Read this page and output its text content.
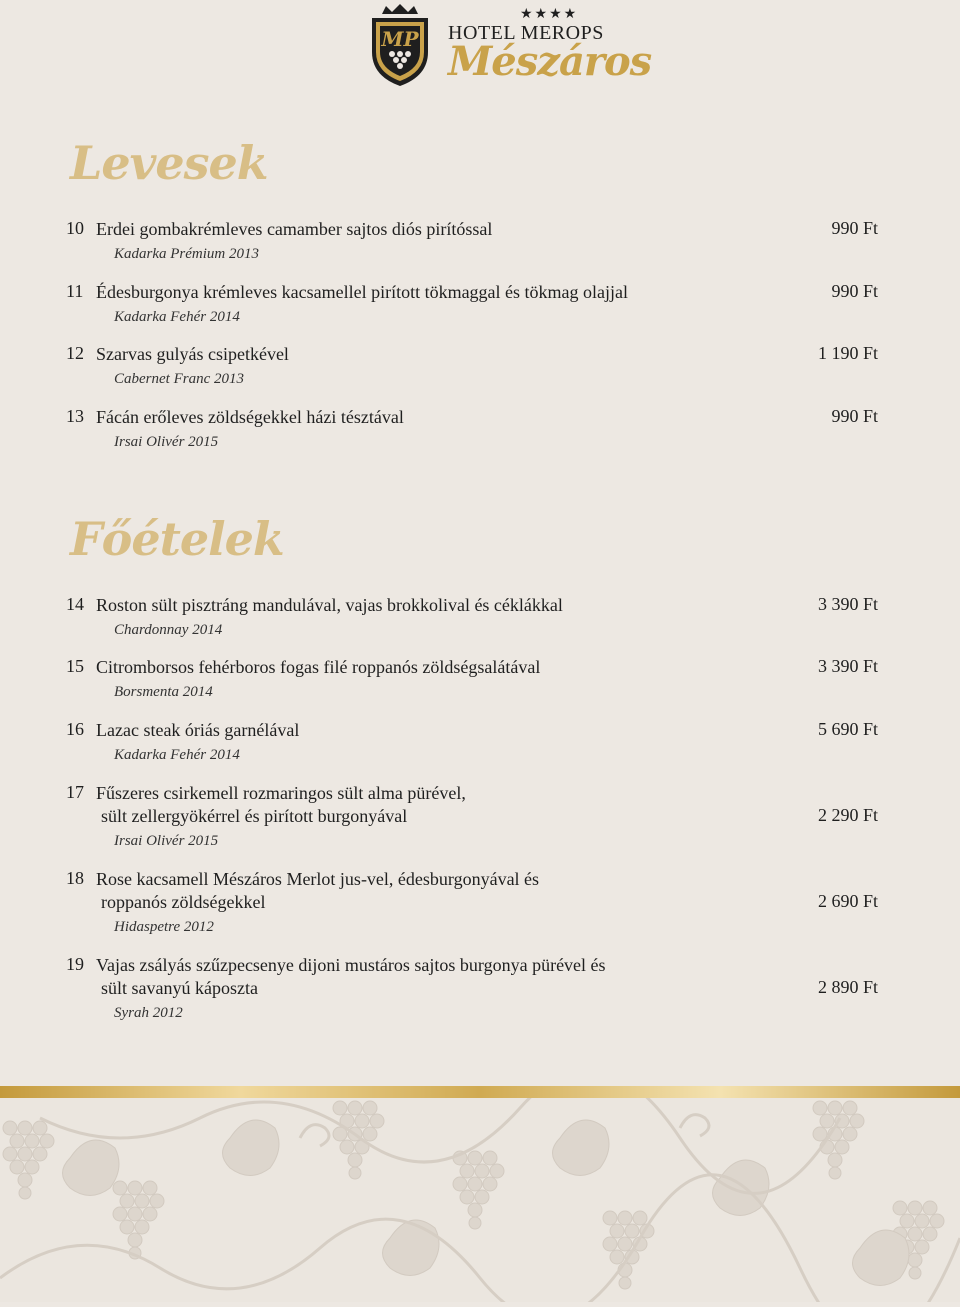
MP
★★★★
HOTEL MEROPS
Mészáros
Levesek
10 Erdei gombakrémleves camamber sajtos diós pirítóssal
Kadarka Prémium 2013
990 Ft
11 Édesburgonya krémleves kacsamellel pirított tökmaggal és tökmag olajjal
Kadarka Fehér 2014
990 Ft
12 Szarvas gulyás csipetkével
Cabernet Franc 2013
1 190 Ft
13 Fácán erőleves zöldségekkel házi tésztával
Irsai Olivér 2015
990 Ft
Főételek
14 Roston sült pisztráng mandulával, vajas brokkolival és céklákkal
Chardonnay 2014
3 390 Ft
15 Citromborsos fehérboros fogas filé roppanós zöldségsalátával
Borsmenta 2014
3 390 Ft
16 Lazac steak óriás garnélával
Kadarka Fehér 2014
5 690 Ft
17 Fűszeres csirkemell rozmaringos sült alma pürével,
sült zellergyökérrel és pirított burgonyával
Irsai Olivér 2015
2 290 Ft
18 Rose kacsamell Mészáros Merlot jus-vel, édesburgonyával és
roppanós zöldségekkel
Hidaspetre 2012
2 690 Ft
19 Vajas zsályás szűzpecsenye dijoni mustáros sajtos burgonya pürével és
sült savanyú káposzta
Syrah 2012
2 890 Ft
